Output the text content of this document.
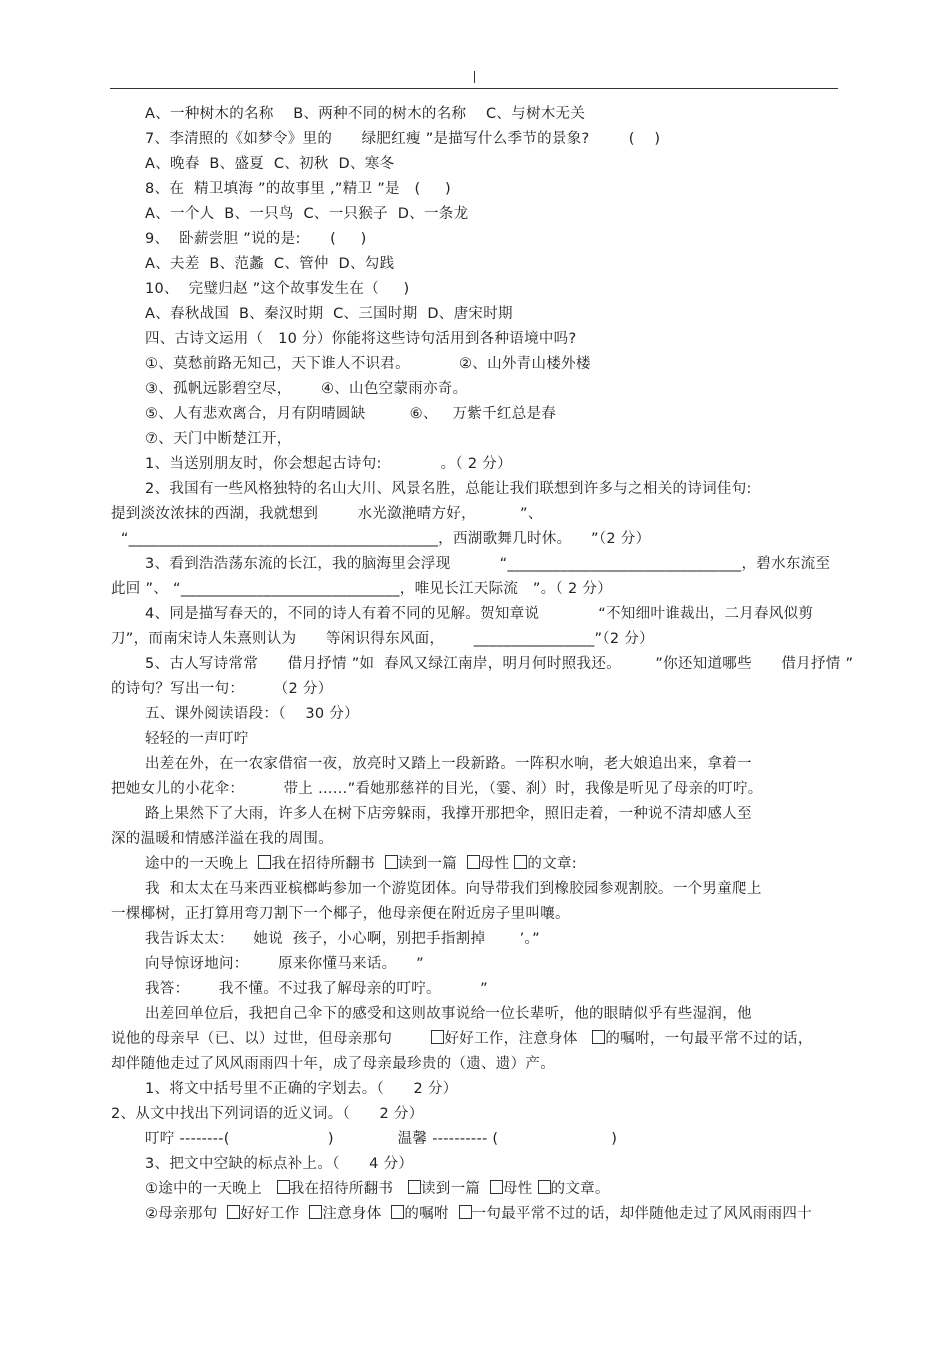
A、一种树木的名称    B、两种不同的树木的名称    C、与树木无关
7、李清照的《如梦令》里的      绿肥红瘦 ”是描写什么季节的景象?        (    )
A、晚春  B、盛夏  C、初秋  D、寒冬
8、在  精卫填海 ”的故事里 ,”精卫 ”是   (     )
A、一个人  B、一只鸟  C、一只猴子  D、一条龙
9、  卧薪尝胆 ”说的是:      (     )
A、夫差  B、范蠡  C、管仲  D、勾践
10、  完璧归赵 ”这个故事发生在（     )
A、春秋战国  B、秦汉时期  C、三国时期  D、唐宋时期
四、古诗文运用（   10 分）你能将这些诗句活用到各种语境中吗?
①、莫愁前路无知己，天下谁人不识君。          ②、山外青山楼外楼
③、孤帆远影碧空尽，      ④、山色空蒙雨亦奇。
⑤、人有悲欢离合，月有阴晴圆缺         ⑥、   万紫千红总是春
⑦、天门中断楚江开，
1、当送别朋友时，你会想起古诗句:            。（ 2 分）
2、我国有一些风格独特的名山大川、风景名胜，总能让我们联想到许多与之相关的诗词佳句:
提到淡汝浓抹的西湖，我就想到        水光潋滟晴方好，         ”、
“_________________________________________，西湖歌舞几时休。    ”（2 分）
3、看到浩浩荡东流的长江，我的脑海里会浮现          “_______________________________，碧水东流至
此回 ”、 “_____________________________，唯见长江天际流   ”。（ 2 分）
4、同是描写春天的，不同的诗人有着不同的见解。贺知章说            “不知细叶谁裁出，二月春风似剪
刀”，而南宋诗人朱熹则认为      等闲识得东风面，      ________________”（2 分）
5、古人写诗常常      借月抒情 ”如  春风又绿江南岸，明月何时照我还。       ”你还知道哪些      借月抒情 ”
的诗句？写出一句：      （2 分）
五、课外阅读语段：（    30 分）
轻轻的一声叮咛
出差在外，在一农家借宿一夜，放亮时又踏上一段新路。一阵积水响，老大娘追出来，拿着一
把她女儿的小花伞：        带上 ……”看她那慈祥的目光，（霎、刹）时，我像是听见了母亲的叮咛。
路上果然下了大雨，许多人在树下店旁躲雨，我撑开那把伞，照旧走着，一种说不清却感人至
深的温暖和情感洋溢在我的周围。
途中的一天晚上  我在招待所翻书  读到一篇  母性 的文章:
我  和太太在马来西亚槟榔屿参加一个游览团体。向导带我们到橡胶园参观割胶。一个男童爬上
一棵椰树，正打算用弯刀割下一个椰子，他母亲便在附近房子里叫嚷。
我告诉太太：    她说  孩子，小心啊，别把手指割掉       ’。”
向导惊讶地问：      原来你懂马来话。    ”
我答：      我不懂。不过我了解母亲的叮咛。        ”
出差回单位后，我把自己伞下的感受和这则故事说给一位长辈听，他的眼睛似乎有些湿润，他
说他的母亲早（已、以）过世，但母亲那句        好好工作，注意身体   的嘱咐，一句最平常不过的话，
却伴随他走过了风风雨雨四十年，成了母亲最珍贵的（遗、遗）产。
1、将文中括号里不正确的字划去。（      2 分）
2、从文中找出下列词语的近义词。（      2 分）
叮咛 --------(                    )             温馨 ---------- (                       )
3、把文中空缺的标点补上。（      4 分）
①途中的一天晚上   我在招待所翻书   读到一篇  母性 的文章。
②母亲那句  好好工作  注意身体  的嘱咐  一句最平常不过的话，却伴随他走过了风风雨雨四十
